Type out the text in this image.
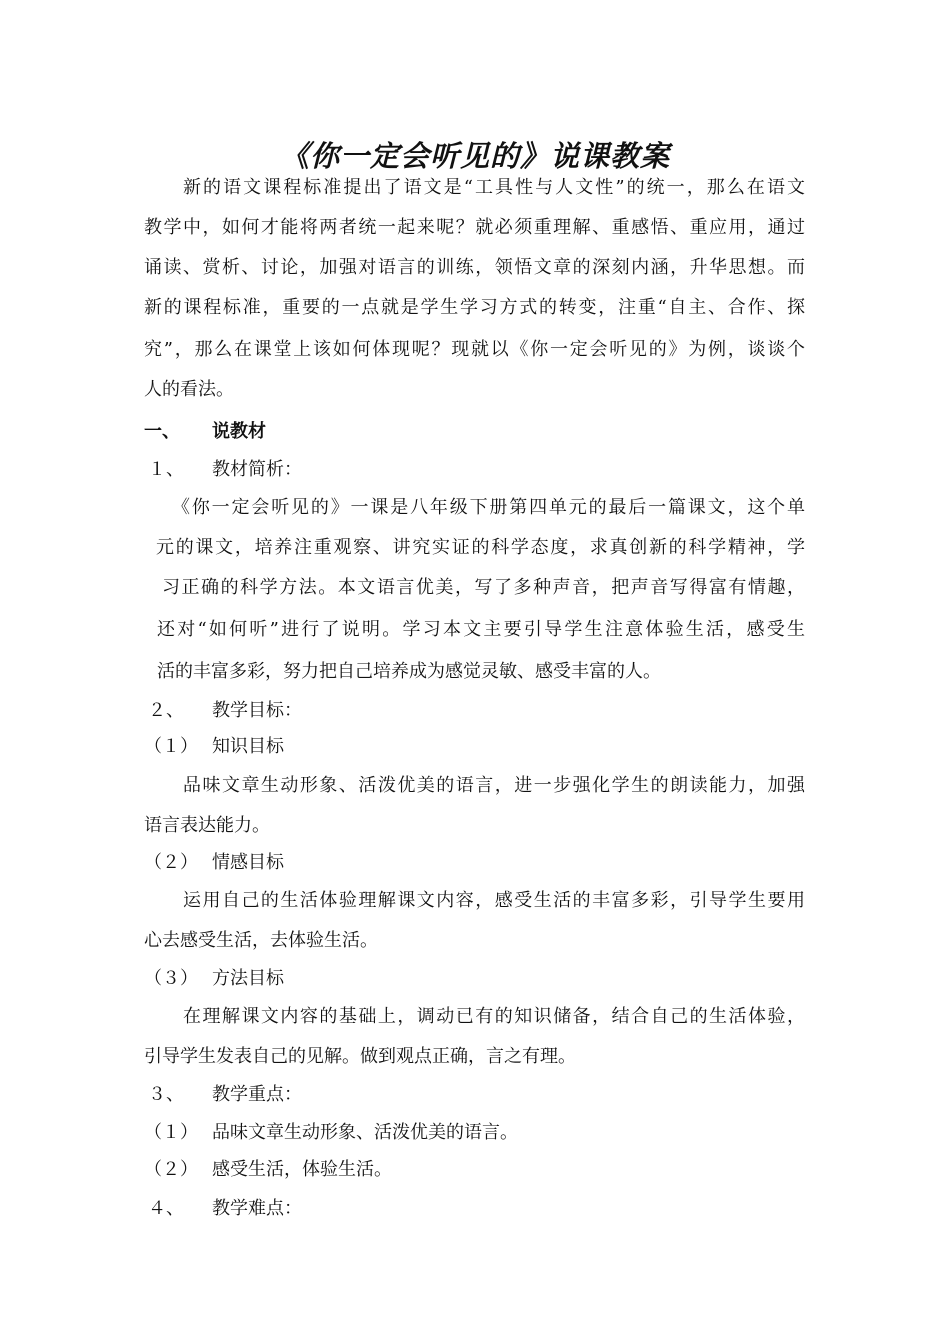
《你一定会听见的》说课教案
新的语文课程标准提出了语文是“工具性与人文性”的统一，那么在语文
教学中，如何才能将两者统一起来呢？就必须重理解、重感悟、重应用，通过
诵读、赏析、讨论，加强对语言的训练，领悟文章的深刻内涵，升华思想。而
新的课程标准，重要的一点就是学生学习方式的转变，注重“自主、合作、探
究”，那么在课堂上该如何体现呢？现就以《你一定会听见的》为例，谈谈个
人的看法。
一、 说教材
１、 教材简析：
《你一定会听见的》一课是八年级下册第四单元的最后一篇课文，这个单
元的课文，培养注重观察、讲究实证的科学态度，求真创新的科学精神，学
习正确的科学方法。本文语言优美，写了多种声音，把声音写得富有情趣，
还对“如何听”进行了说明。学习本文主要引导学生注意体验生活，感受生
活的丰富多彩，努力把自己培养成为感觉灵敏、感受丰富的人。
２、 教学目标：
（１） 知识目标
品味文章生动形象、活泼优美的语言，进一步强化学生的朗读能力，加强
语言表达能力。
（２） 情感目标
运用自己的生活体验理解课文内容，感受生活的丰富多彩，引导学生要用
心去感受生活，去体验生活。
（３） 方法目标
在理解课文内容的基础上，调动已有的知识储备，结合自己的生活体验，
引导学生发表自己的见解。做到观点正确，言之有理。
３、 教学重点：
（１） 品味文章生动形象、活泼优美的语言。
（２） 感受生活，体验生活。
４、 教学难点：
